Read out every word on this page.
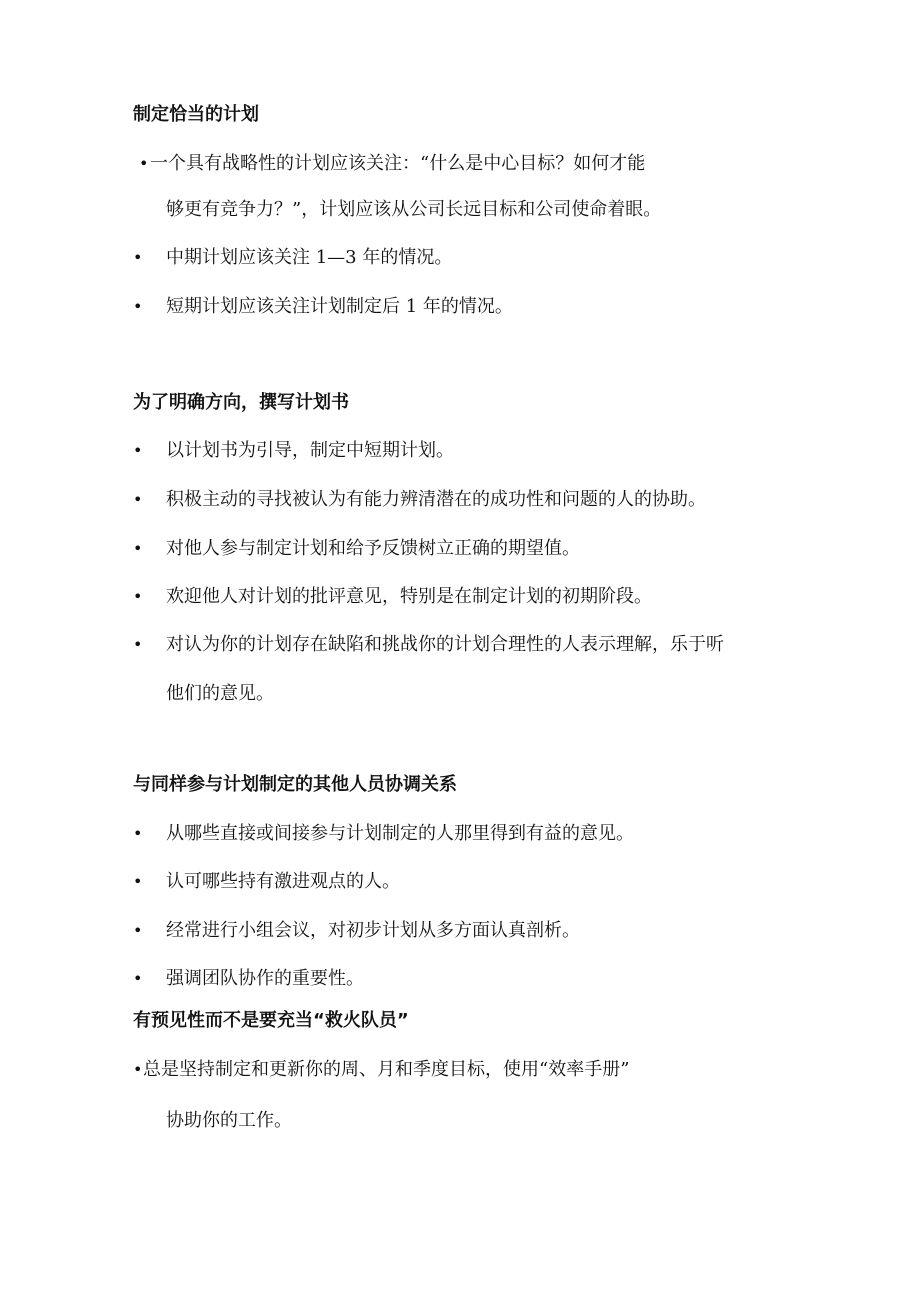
制定恰当的计划
• 一个具有战略性的计划应该关注：“什么是中心目标？如何才能

够更有竞争力？”，计划应该从公司长远目标和公司使命着眼。

• 中期计划应该关注 1—3 年的情况。

• 短期计划应该关注计划制定后 1 年的情况。

为了明确方向，撰写计划书
• 以计划书为引导，制定中短期计划。

• 积极主动的寻找被认为有能力辨清潜在的成功性和问题的人的协助。

• 对他人参与制定计划和给予反馈树立正确的期望值。

• 欢迎他人对计划的批评意见，特别是在制定计划的初期阶段。

• 对认为你的计划存在缺陷和挑战你的计划合理性的人表示理解，乐于听

他们的意见。

与同样参与计划制定的其他人员协调关系
• 从哪些直接或间接参与计划制定的人那里得到有益的意见。

• 认可哪些持有激进观点的人。

• 经常进行小组会议，对初步计划从多方面认真剖析。

• 强调团队协作的重要性。

有预见性而不是要充当“救火队员”
• 总是坚持制定和更新你的周、月和季度目标，使用“效率手册”

协助你的工作。
